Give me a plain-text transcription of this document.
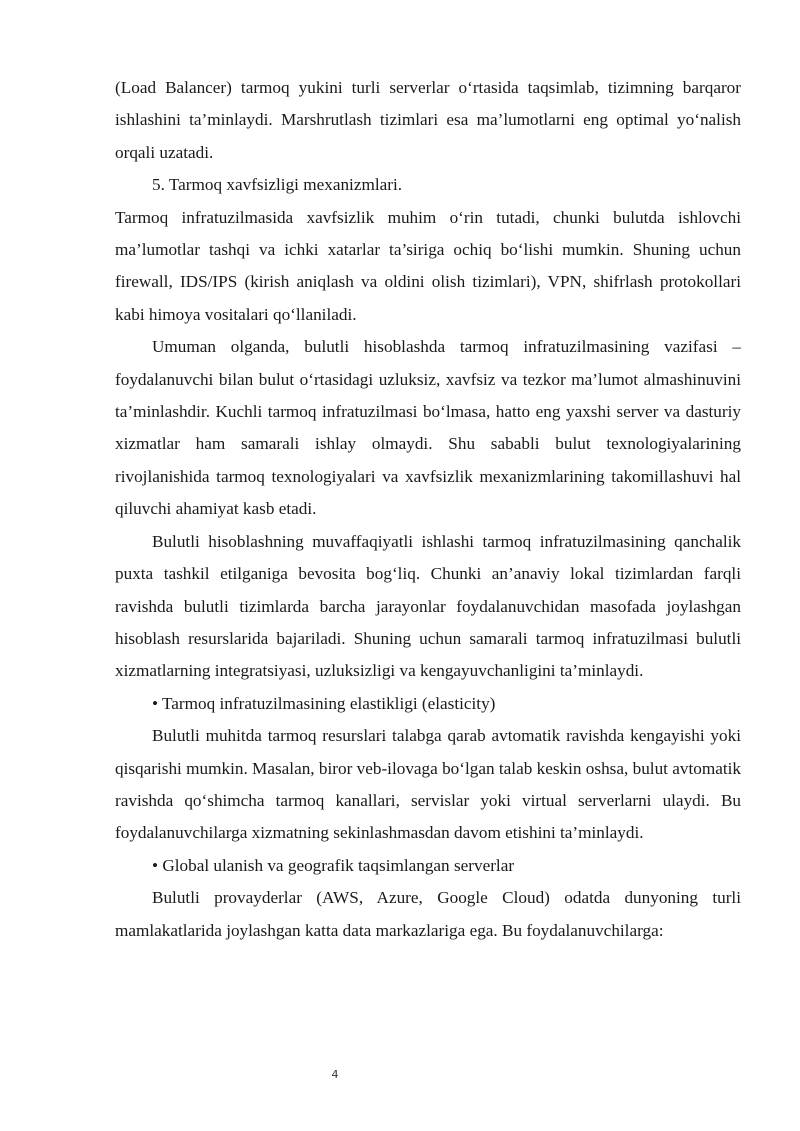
(Load Balancer) tarmoq yukini turli serverlar o‘rtasida taqsimlab, tizimning barqaror ishlashini ta’minlaydi. Marshrutlash tizimlari esa ma’lumotlarni eng optimal yo‘nalish orqali uzatadi.

5. Tarmoq xavfsizligi mexanizmlari.

Tarmoq infratuzilmasida xavfsizlik muhim o‘rin tutadi, chunki bulutda ishlovchi ma’lumotlar tashqi va ichki xatarlar ta’siriga ochiq bo‘lishi mumkin. Shuning uchun firewall, IDS/IPS (kirish aniqlash va oldini olish tizimlari), VPN, shifrlash protokollari kabi himoya vositalari qo‘llaniladi.

Umuman olganda, bulutli hisoblashda tarmoq infratuzilmasining vazifasi – foydalanuvchi bilan bulut o‘rtasidagi uzluksiz, xavfsiz va tezkor ma’lumot almashinuvini ta’minlashdir. Kuchli tarmoq infratuzilmasi bo‘lmasa, hatto eng yaxshi server va dasturiy xizmatlar ham samarali ishlay olmaydi. Shu sababli bulut texnologiyalarining rivojlanishida tarmoq texnologiyalari va xavfsizlik mexanizmlarining takomillashuvi hal qiluvchi ahamiyat kasb etadi.

Bulutli hisoblashning muvaffaqiyatli ishlashi tarmoq infratuzilmasining qanchalik puxta tashkil etilganiga bevosita bog‘liq. Chunki an’anaviy lokal tizimlardan farqli ravishda bulutli tizimlarda barcha jarayonlar foydalanuvchidan masofada joylashgan hisoblash resurslarida bajariladi. Shuning uchun samarali tarmoq infratuzilmasi bulutli xizmatlarning integratsiyasi, uzluksizligi va kengayuvchanligini ta’minlaydi.

• Tarmoq infratuzilmasining elastikligi (elasticity)

Bulutli muhitda tarmoq resurslari talabga qarab avtomatik ravishda kengayishi yoki qisqarishi mumkin. Masalan, biror veb-ilovaga bo‘lgan talab keskin oshsa, bulut avtomatik ravishda qo‘shimcha tarmoq kanallari, servislar yoki virtual serverlarni ulaydi. Bu foydalanuvchilarga xizmatning sekinlashmasdan davom etishini ta’minlaydi.

• Global ulanish va geografik taqsimlangan serverlar

Bulutli provayderlar (AWS, Azure, Google Cloud) odatda dunyoning turli mamlakatlarida joylashgan katta data markazlariga ega. Bu foydalanuvchilarga:

4
